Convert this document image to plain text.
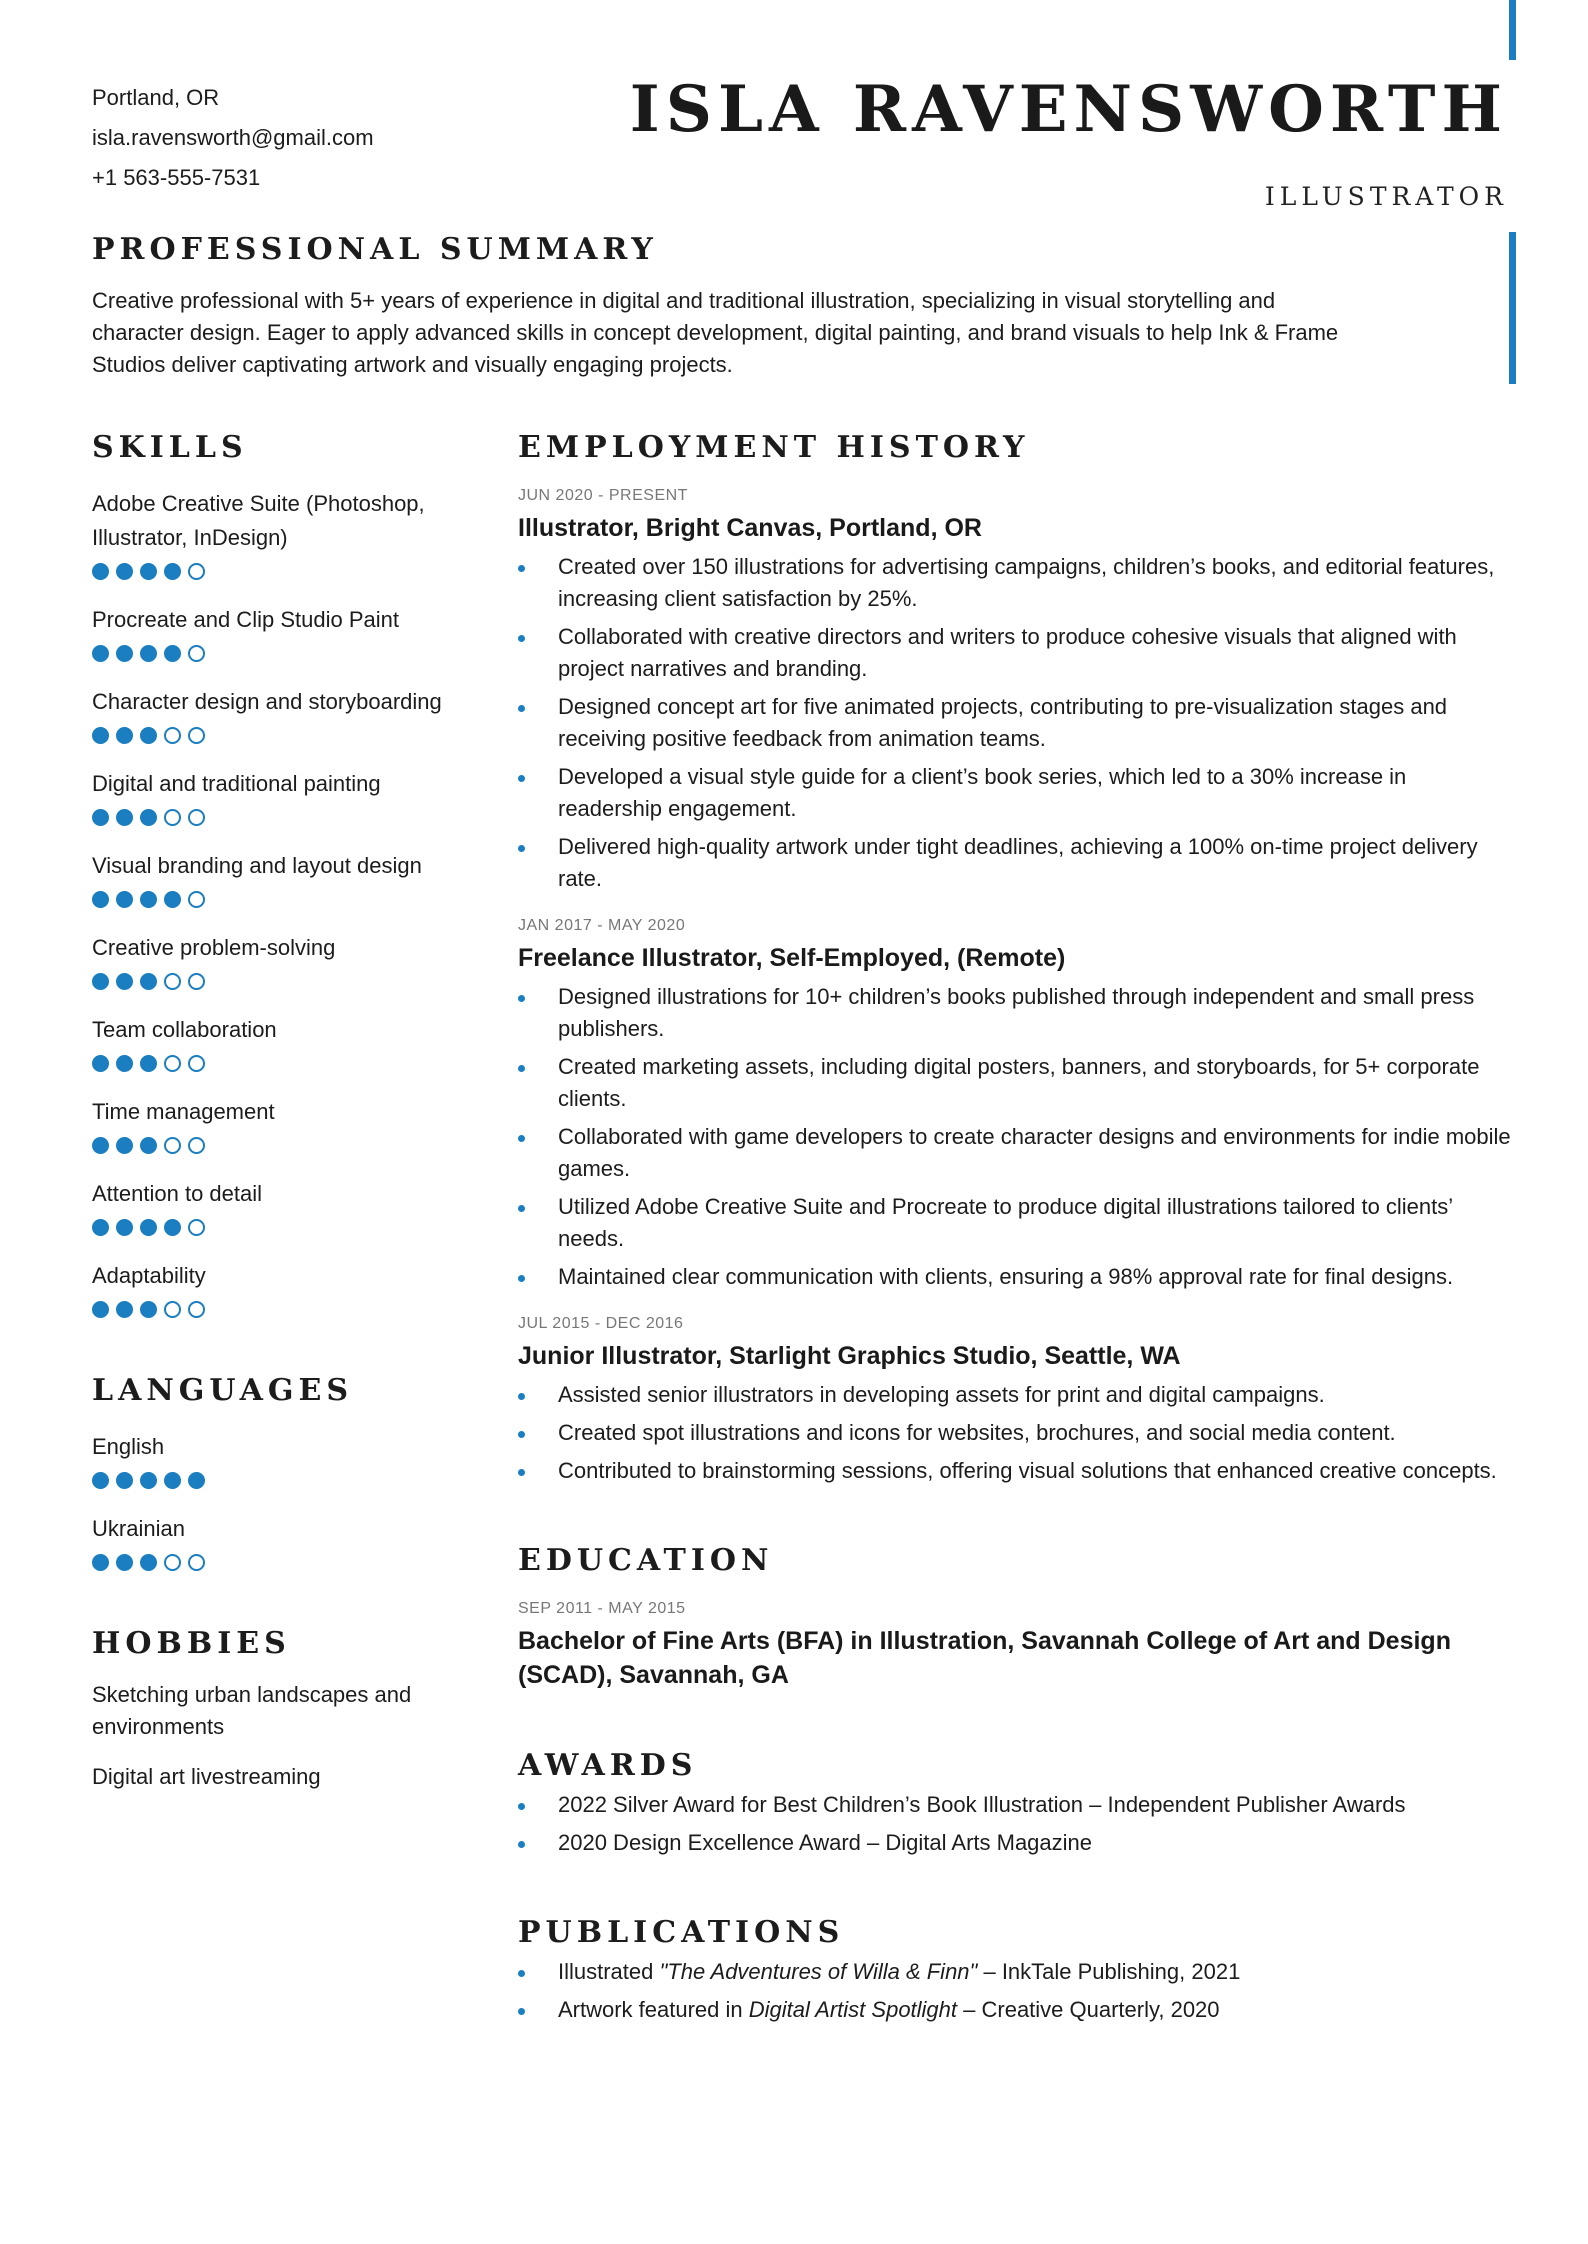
Portland, OR
isla.ravensworth@gmail.com
+1 563-555-7531
ISLA RAVENSWORTH
ILLUSTRATOR
PROFESSIONAL SUMMARY

Creative professional with 5+ years of experience in digital and traditional illustration, specializing in visual storytelling and character design. Eager to apply advanced skills in concept development, digital painting, and brand visuals to help Ink & Frame Studios deliver captivating artwork and visually engaging projects.

SKILLS
Adobe Creative Suite (Photoshop, Illustrator, InDesign)
Procreate and Clip Studio Paint
Character design and storyboarding
Digital and traditional painting
Visual branding and layout design
Creative problem-solving
Team collaboration
Time management
Attention to detail
Adaptability
LANGUAGES
English
Ukrainian
HOBBIES
Sketching urban landscapes and environments
Digital art livestreaming
EMPLOYMENT HISTORY
JUN 2020 - PRESENT
Illustrator, Bright Canvas, Portland, OR
Created over 150 illustrations for advertising campaigns, children’s books, and editorial features, increasing client satisfaction by 25%.
Collaborated with creative directors and writers to produce cohesive visuals that aligned with project narratives and branding.
Designed concept art for five animated projects, contributing to pre-visualization stages and receiving positive feedback from animation teams.
Developed a visual style guide for a client’s book series, which led to a 30% increase in readership engagement.
Delivered high-quality artwork under tight deadlines, achieving a 100% on-time project delivery rate.
JAN 2017 - MAY 2020
Freelance Illustrator, Self-Employed, (Remote)
Designed illustrations for 10+ children’s books published through independent and small press publishers.
Created marketing assets, including digital posters, banners, and storyboards, for 5+ corporate clients.
Collaborated with game developers to create character designs and environments for indie mobile games.
Utilized Adobe Creative Suite and Procreate to produce digital illustrations tailored to clients’ needs.
Maintained clear communication with clients, ensuring a 98% approval rate for final designs.
JUL 2015 - DEC 2016
Junior Illustrator, Starlight Graphics Studio, Seattle, WA
Assisted senior illustrators in developing assets for print and digital campaigns.
Created spot illustrations and icons for websites, brochures, and social media content.
Contributed to brainstorming sessions, offering visual solutions that enhanced creative concepts.
EDUCATION
SEP 2011 - MAY 2015
Bachelor of Fine Arts (BFA) in Illustration, Savannah College of Art and Design (SCAD), Savannah, GA
AWARDS
2022 Silver Award for Best Children’s Book Illustration – Independent Publisher Awards
2020 Design Excellence Award – Digital Arts Magazine
PUBLICATIONS
Illustrated "The Adventures of Willa & Finn" – InkTale Publishing, 2021
Artwork featured in Digital Artist Spotlight – Creative Quarterly, 2020
